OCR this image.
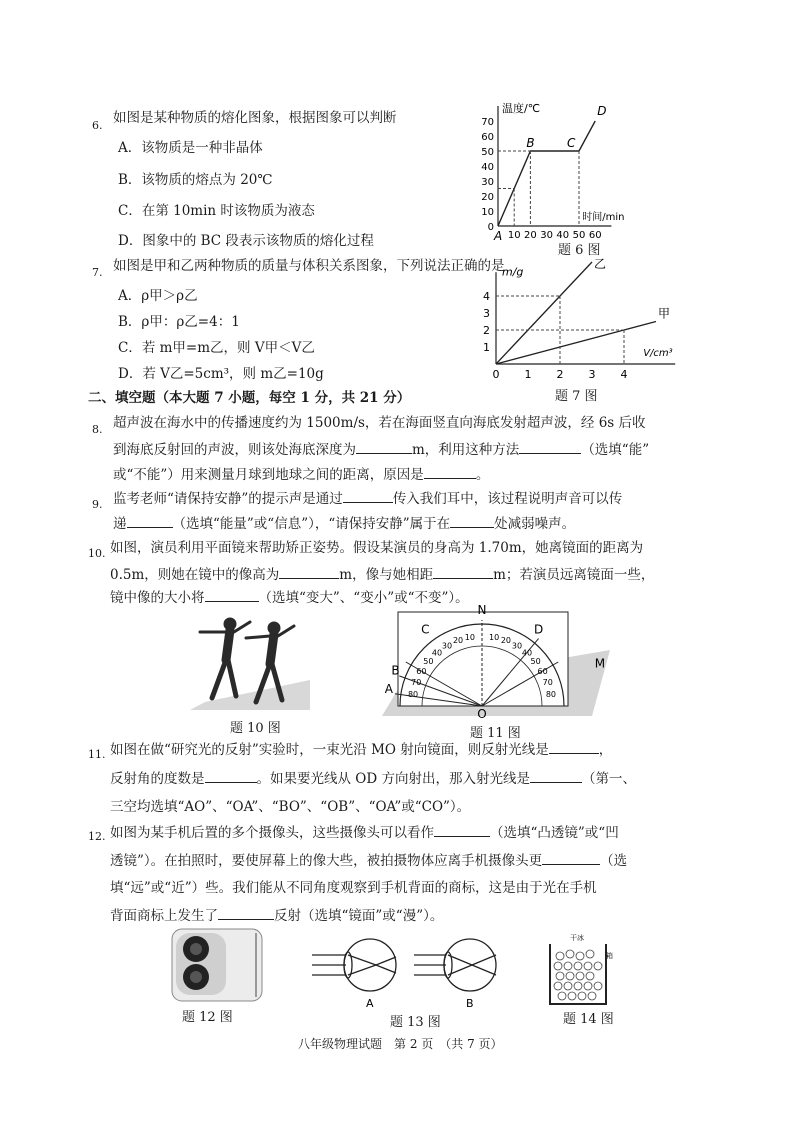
6. 如图是某种物质的熔化图象，根据图象可以判断
A．该物质是一种非晶体
B．该物质的熔点为 20℃
C．在第 10min 时该物质为液态
D．图象中的 BC 段表示该物质的熔化过程
温度/℃
时间/min
0
10
20
30
40
50
60
70
10 20 30 40 50 60
A
B	C
D
题 6 图
7. 如图是甲和乙两种物质的质量与体积关系图象，下列说法正确的是
A．ρ甲＞ρ乙
B．ρ甲：ρ乙=4：1
C．若 m甲=m乙，则 V甲＜V乙
D．若 V乙=5cm³，则 m乙=10g
m/g
V/cm³
1
2
3
4
0 1 2 3 4
乙
甲
题 7 图
二、填空题（本大题 7 小题，每空 1 分，共 21 分）
8. 超声波在海水中的传播速度约为 1500m/s，若在海面竖直向海底发射超声波，经 6s 后收
到海底反射回的声波，则该处海底深度为	m，利用这种方法	（选填“能”
或“不能”）用来测量月球到地球之间的距离，原因是	。
9. 监考老师“请保持安静”的提示声是通过	传入我们耳中，该过程说明声音可以传
递	（选填“能量”或“信息”），“请保持安静”属于在	处减弱噪声。
10. 如图，演员利用平面镜来帮助矫正姿势。假设某演员的身高为 1.70m，她离镜面的距离为
0.5m，则她在镜中的像高为	m，像与她相距	m；若演员远离镜面一些，
镜中像的大小将	（选填“变大”、“变小”或“不变”）。
题 10 图
10 10
20	20
30	30
40	40
50	50
60	60
70	70
80	80
N
C	D
B	M
A
O
题 11 图
11. 如图在做“研究光的反射”实验时，一束光沿 MO 射向镜面，则反射光线是	，
反射角的度数是	。如果要光线从 OD 方向射出，那入射光线是	（第一、
三空均选填“AO”、“OA”、“BO”、“OB”、“OA”或“CO”）。
12. 如图为某手机后置的多个摄像头，这些摄像头可以看作	（选填“凸透镜”或“凹
透镜”）。在拍照时，要使屏幕上的像大些，被拍摄物体应离手机摄像头更	（选
填“远”或“近”）些。我们能从不同角度观察到手机背面的商标，这是由于光在手机
背面商标上发生了	反射（选填“镜面”或“漫”）。
题 12 图
A	B
题 13 图
干冰
箱
题 14 图
八年级物理试题　第 2 页　（共 7 页）
